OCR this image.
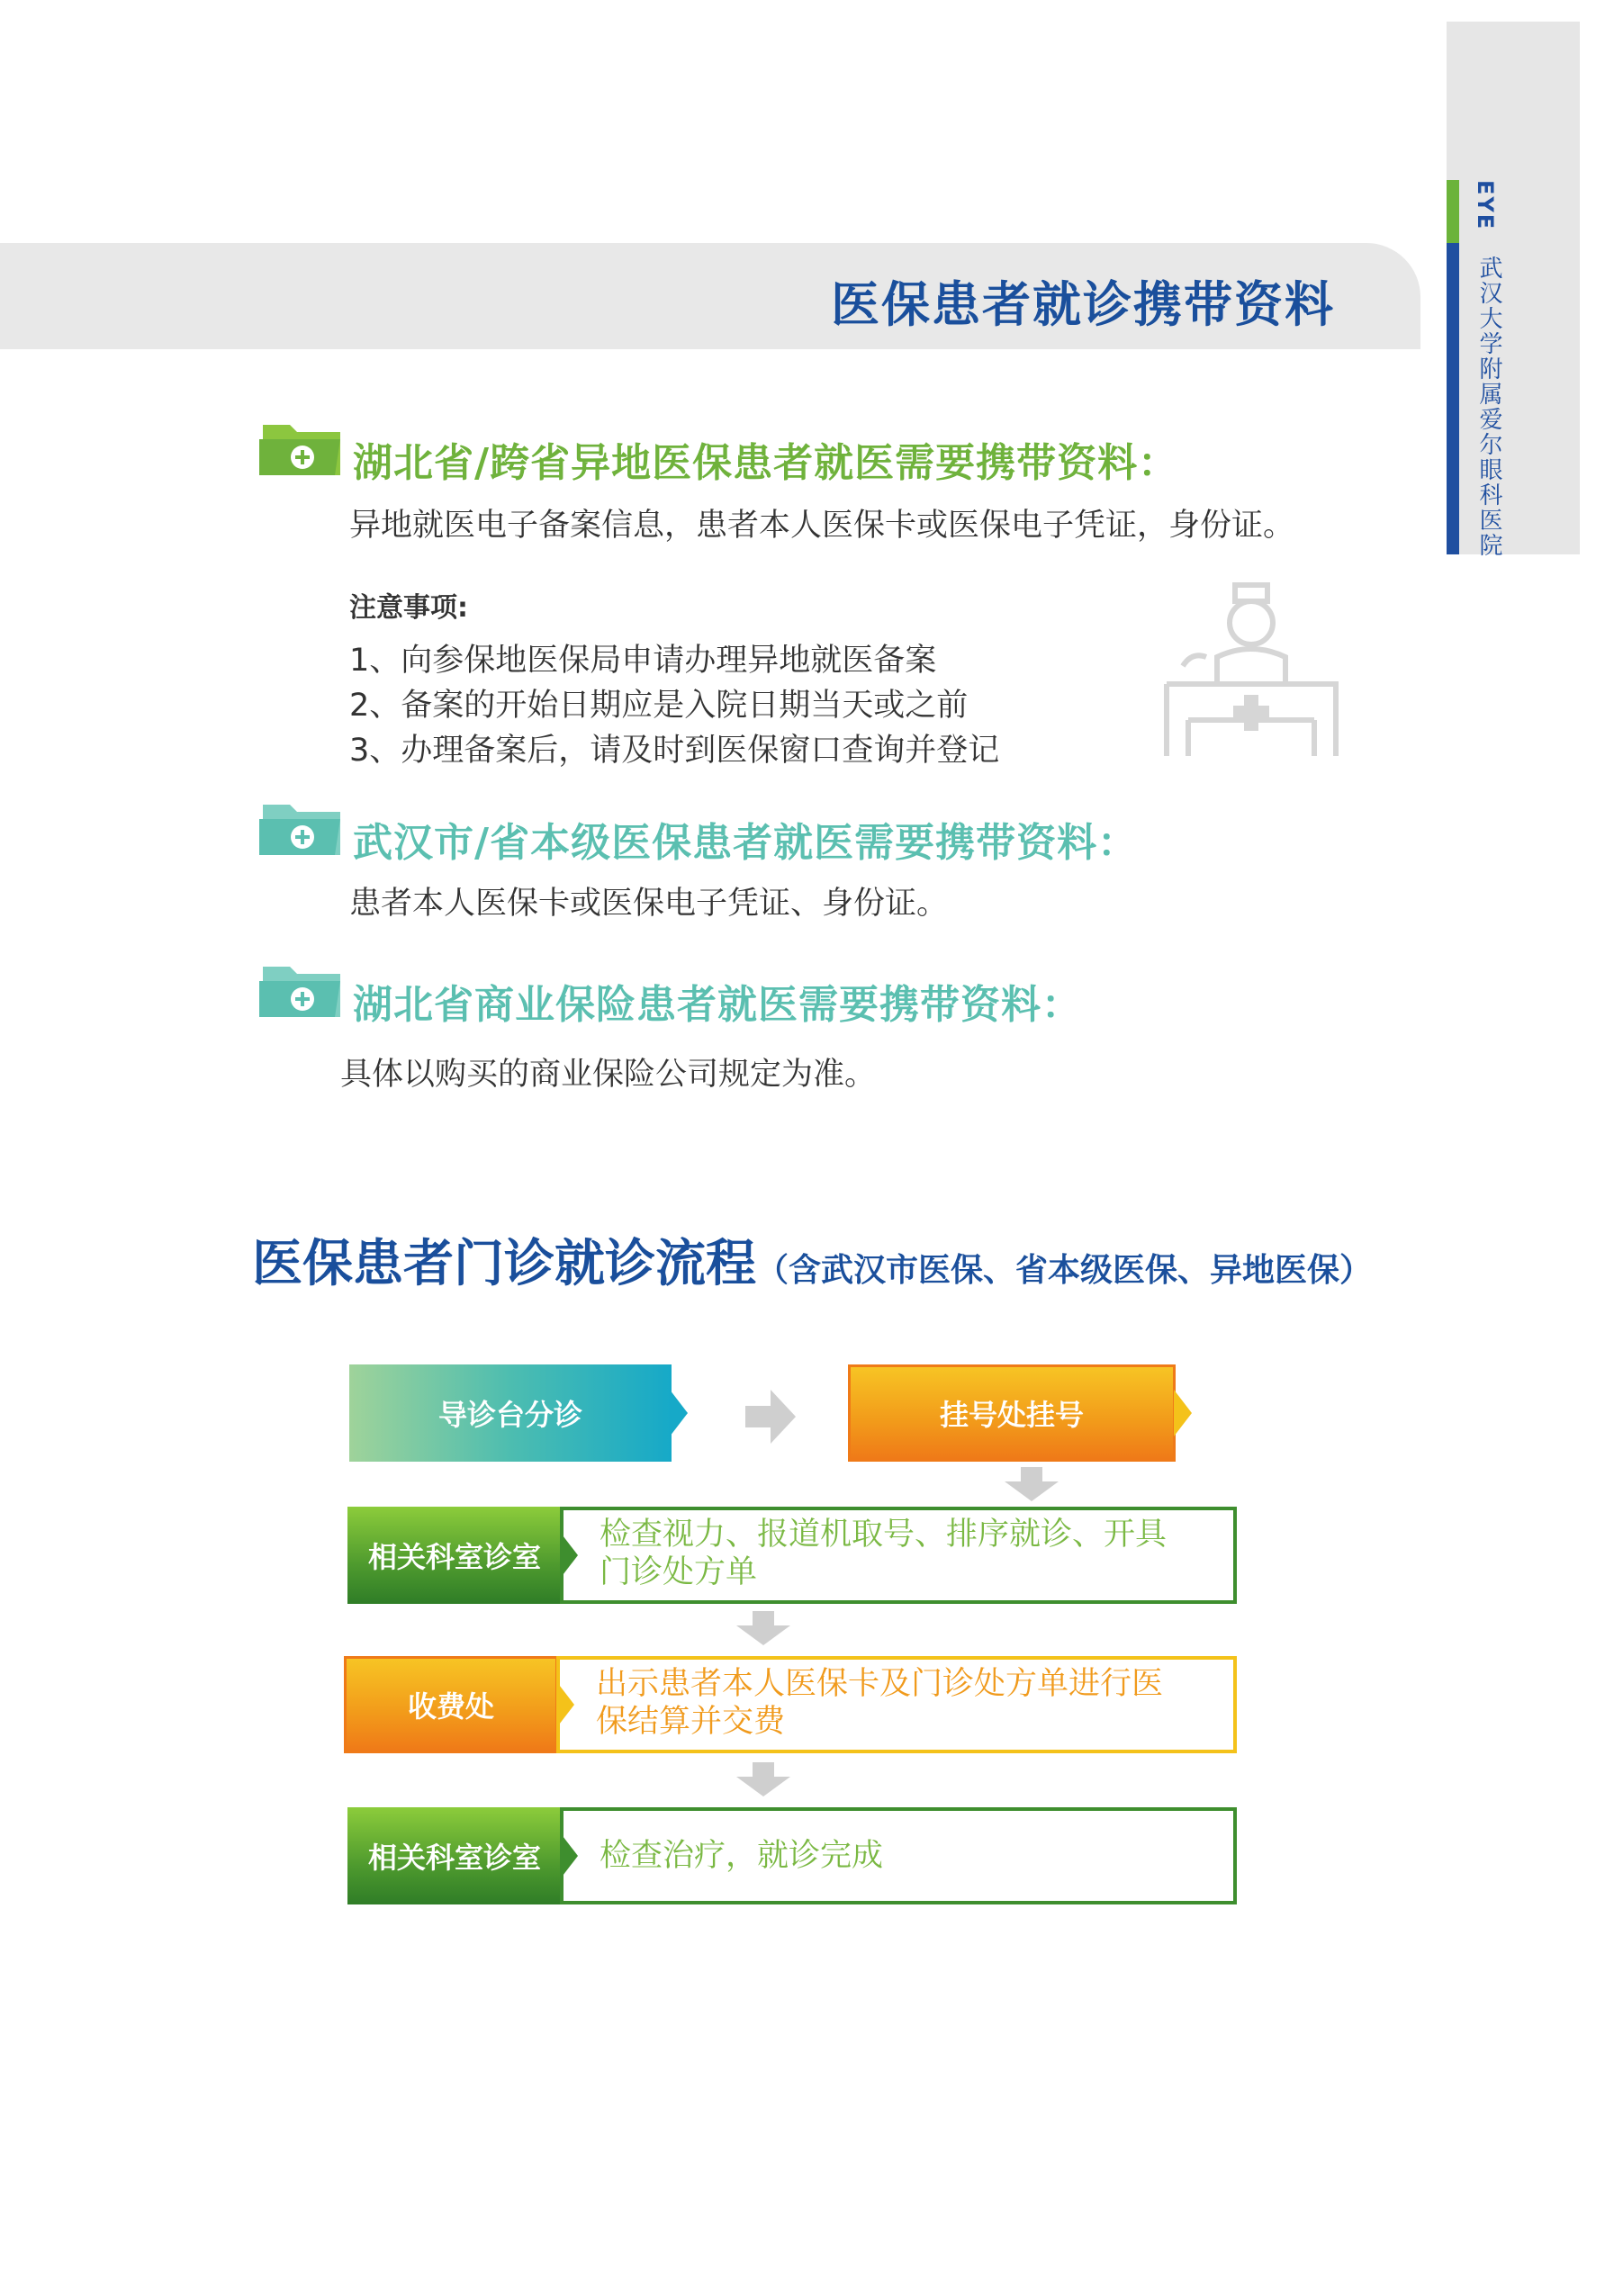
EYE
武汉大学附属爱尔眼科医院
医保患者就诊携带资料
湖北省/跨省异地医保患者就医需要携带资料：
异地就医电子备案信息，患者本人医保卡或医保电子凭证，身份证。
注意事项:
1、向参保地医保局申请办理异地就医备案
2、备案的开始日期应是入院日期当天或之前
3、办理备案后，请及时到医保窗口查询并登记
武汉市/省本级医保患者就医需要携带资料：
患者本人医保卡或医保电子凭证、身份证。
湖北省商业保险患者就医需要携带资料：
具体以购买的商业保险公司规定为准。
医保患者门诊就诊流程（含武汉市医保、省本级医保、异地医保）
导诊台分诊	挂号处挂号
相关科室诊室
检查视力、报道机取号、排序就诊、开具
门诊处方单
收费处
出示患者本人医保卡及门诊处方单进行医
保结算并交费
相关科室诊室 检查治疗，就诊完成
